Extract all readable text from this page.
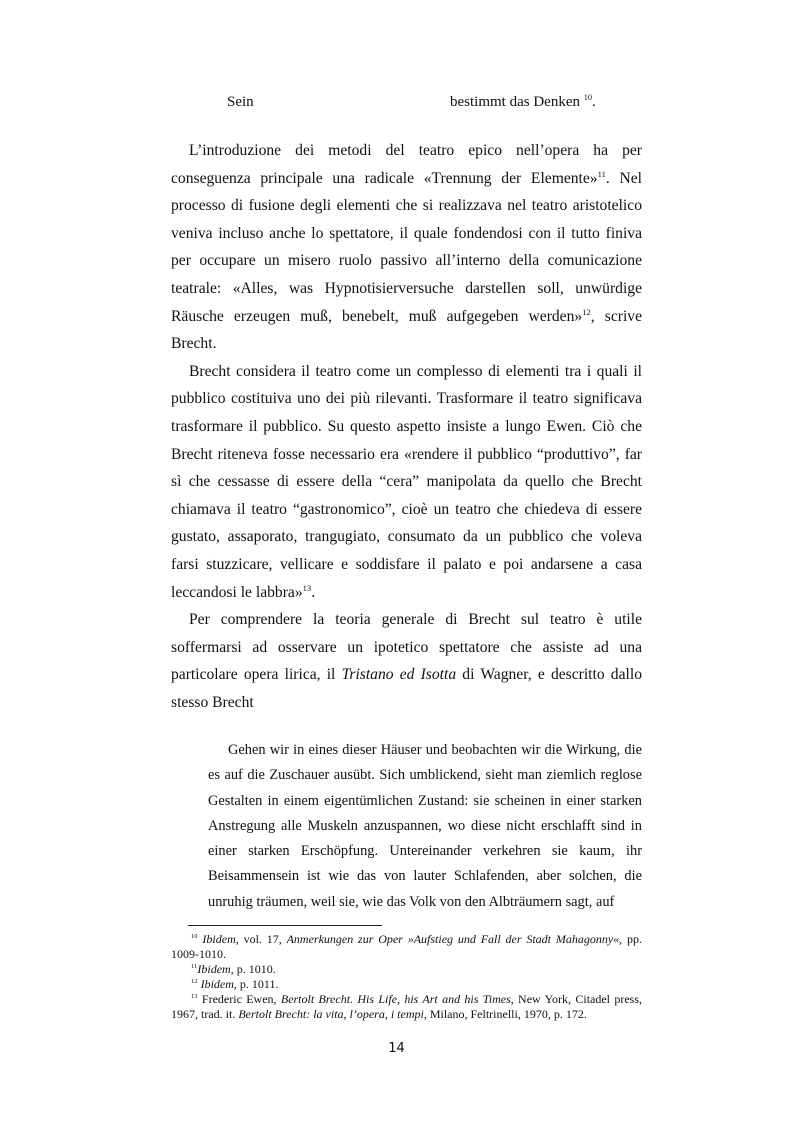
Sein	bestimmt das Denken $^{10}$.

L’introduzione dei metodi del teatro epico nell’opera ha per conseguenza principale una radicale «Trennung der Elemente»$^{11}$. Nel processo di fusione degli elementi che si realizzava nel teatro aristotelico veniva incluso anche lo spettatore, il quale fondendosi con il tutto finiva per occupare un misero ruolo passivo all’interno della comunicazione teatrale: «Alles, was Hypnotisierversuche darstellen soll, unwürdige Räusche erzeugen muß, benebelt, muß aufgegeben werden»$^{12}$, scrive Brecht.

Brecht considera il teatro come un complesso di elementi tra i quali il pubblico costituiva uno dei più rilevanti. Trasformare il teatro significava trasformare il pubblico. Su questo aspetto insiste a lungo Ewen. Ciò che Brecht riteneva fosse necessario era «rendere il pubblico “produttivo”, far sì che cessasse di essere della “cera” manipolata da quello che Brecht chiamava il teatro “gastronomico”, cioè un teatro che chiedeva di essere gustato, assaporato, trangugiato, consumato da un pubblico che voleva farsi stuzzicare, vellicare e soddisfare il palato e poi andarsene a casa leccandosi le labbra»$^{13}$.

Per comprendere la teoria generale di Brecht sul teatro è utile soffermarsi ad osservare un ipotetico spettatore che assiste ad una particolare opera lirica, il Tristano ed Isotta di Wagner, e descritto dallo stesso Brecht

Gehen wir in eines dieser Häuser und beobachten wir die Wirkung, die es auf die Zuschauer ausübt. Sich umblickend, sieht man ziemlich reglose Gestalten in einem eigentümlichen Zustand: sie scheinen in einer starken Anstregung alle Muskeln anzuspannen, wo diese nicht erschlafft sind in einer starken Erschöpfung. Untereinander verkehren sie kaum, ihr Beisammensein ist wie das von lauter Schlafenden, aber solchen, die unruhig träumen, weil sie, wie das Volk von den Albträumern sagt, auf

$^{10}$ Ibidem, vol. 17, Anmerkungen zur Oper »Aufstieg und Fall der Stadt Mahagonny«, pp. 1009-1010.

$^{11}$Ibidem, p. 1010.

$^{12}$ Ibidem, p. 1011.

$^{13}$ Frederic Ewen, Bertolt Brecht. His Life, his Art and his Times, New York, Citadel press, 1967, trad. it. Bertolt Brecht: la vita, l’opera, i tempi, Milano, Feltrinelli, 1970, p. 172.

14
